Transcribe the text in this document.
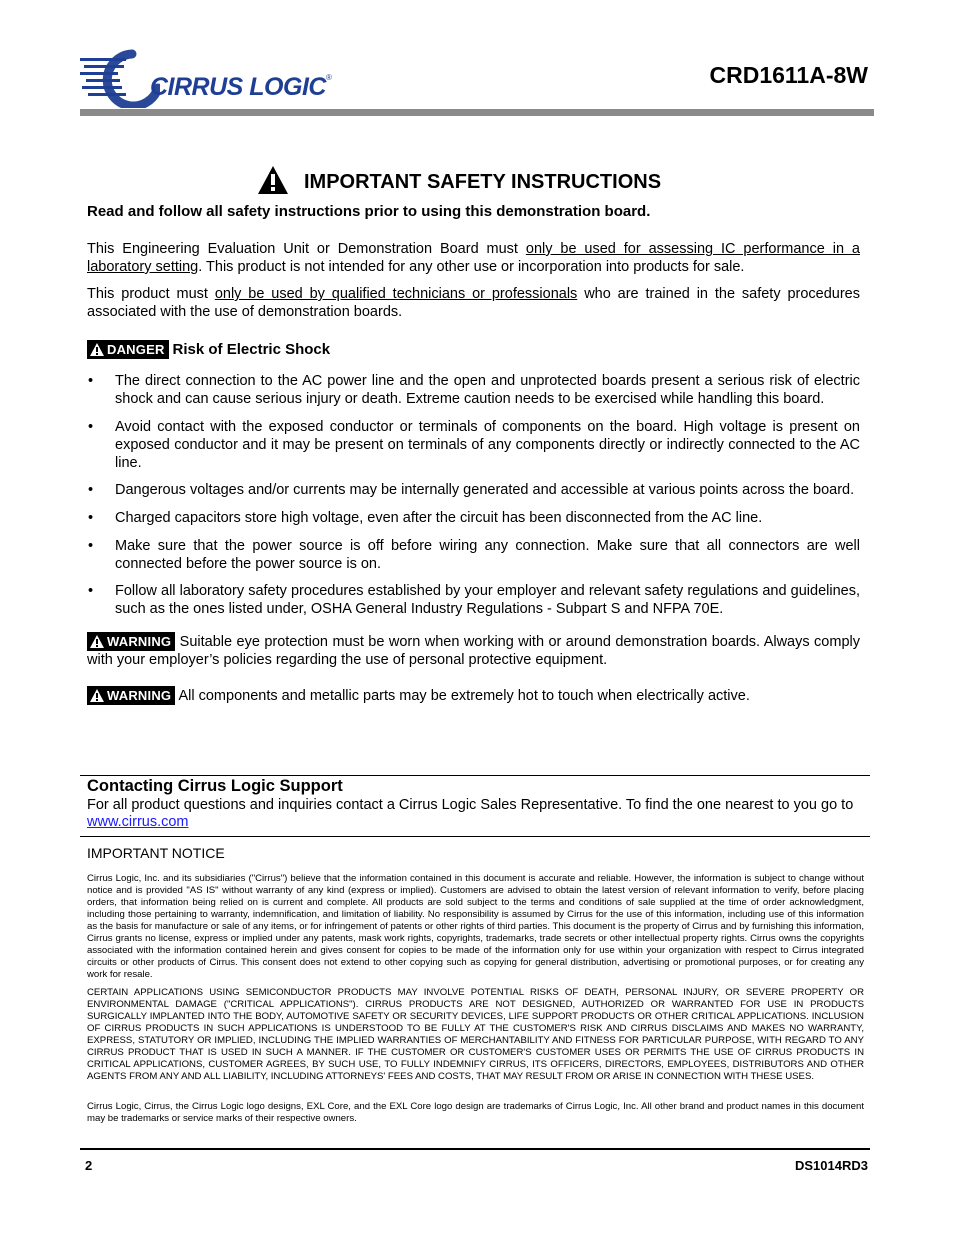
CIRRUS LOGIC®	CRD1611A-8W
IMPORTANT SAFETY INSTRUCTIONS
Read and follow all safety instructions prior to using this demonstration board.
This Engineering Evaluation Unit or Demonstration Board must only be used for assessing IC performance in a laboratory setting. This product is not intended for any other use or incorporation into products for sale.
This product must only be used by qualified technicians or professionals who are trained in the safety procedures associated with the use of demonstration boards.
DANGER Risk of Electric Shock
•	The direct connection to the AC power line and the open and unprotected boards present a serious risk of electric shock and can cause serious injury or death. Extreme caution needs to be exercised while handling this board.
•	Avoid contact with the exposed conductor or terminals of components on the board. High voltage is present on exposed conductor and it may be present on terminals of any components directly or indirectly connected to the AC line.
•	Dangerous voltages and/or currents may be internally generated and accessible at various points across the board.
•	Charged capacitors store high voltage, even after the circuit has been disconnected from the AC line.
•	Make sure that the power source is off before wiring any connection. Make sure that all connectors are well connected before the power source is on.
•	Follow all laboratory safety procedures established by your employer and relevant safety regulations and guidelines, such as the ones listed under, OSHA General Industry Regulations - Subpart S and NFPA 70E.
WARNING Suitable eye protection must be worn when working with or around demonstration boards. Always comply with your employer’s policies regarding the use of personal protective equipment.
WARNING All components and metallic parts may be extremely hot to touch when electrically active.
Contacting Cirrus Logic Support
For all product questions and inquiries contact a Cirrus Logic Sales Representative. To find the one nearest to you go to www.cirrus.com
IMPORTANT NOTICE
Cirrus Logic, Inc. and its subsidiaries ("Cirrus") believe that the information contained in this document is accurate and reliable. However, the information is subject to change without notice and is provided "AS IS" without warranty of any kind (express or implied). Customers are advised to obtain the latest version of relevant information to verify, before placing orders, that information being relied on is current and complete. All products are sold subject to the terms and conditions of sale supplied at the time of order acknowledgment, including those pertaining to warranty, indemnification, and limitation of liability. No responsibility is assumed by Cirrus for the use of this information, including use of this information as the basis for manufacture or sale of any items, or for infringement of patents or other rights of third parties. This document is the property of Cirrus and by furnishing this information, Cirrus grants no license, express or implied under any patents, mask work rights, copyrights, trademarks, trade secrets or other intellectual property rights. Cirrus owns the copyrights associated with the information contained herein and gives consent for copies to be made of the information only for use within your organization with respect to Cirrus integrated circuits or other products of Cirrus. This consent does not extend to other copying such as copying for general distribution, advertising or promotional purposes, or for creating any work for resale.
CERTAIN APPLICATIONS USING SEMICONDUCTOR PRODUCTS MAY INVOLVE POTENTIAL RISKS OF DEATH, PERSONAL INJURY, OR SEVERE PROPERTY OR ENVIRONMENTAL DAMAGE ("CRITICAL APPLICATIONS"). CIRRUS PRODUCTS ARE NOT DESIGNED, AUTHORIZED OR WARRANTED FOR USE IN PRODUCTS SURGICALLY IMPLANTED INTO THE BODY, AUTOMOTIVE SAFETY OR SECURITY DEVICES, LIFE SUPPORT PRODUCTS OR OTHER CRITICAL APPLICATIONS. INCLUSION OF CIRRUS PRODUCTS IN SUCH APPLICATIONS IS UNDERSTOOD TO BE FULLY AT THE CUSTOMER'S RISK AND CIRRUS DISCLAIMS AND MAKES NO WARRANTY, EXPRESS, STATUTORY OR IMPLIED, INCLUDING THE IMPLIED WARRANTIES OF MERCHANTABILITY AND FITNESS FOR PARTICULAR PURPOSE, WITH REGARD TO ANY CIRRUS PRODUCT THAT IS USED IN SUCH A MANNER. IF THE CUSTOMER OR CUSTOMER'S CUSTOMER USES OR PERMITS THE USE OF CIRRUS PRODUCTS IN CRITICAL APPLICATIONS, CUSTOMER AGREES, BY SUCH USE, TO FULLY INDEMNIFY CIRRUS, ITS OFFICERS, DIRECTORS, EMPLOYEES, DISTRIBUTORS AND OTHER AGENTS FROM ANY AND ALL LIABILITY, INCLUDING ATTORNEYS' FEES AND COSTS, THAT MAY RESULT FROM OR ARISE IN CONNECTION WITH THESE USES.
Cirrus Logic, Cirrus, the Cirrus Logic logo designs, EXL Core, and the EXL Core logo design are trademarks of Cirrus Logic, Inc. All other brand and product names in this document may be trademarks or service marks of their respective owners.
2	DS1014RD3
